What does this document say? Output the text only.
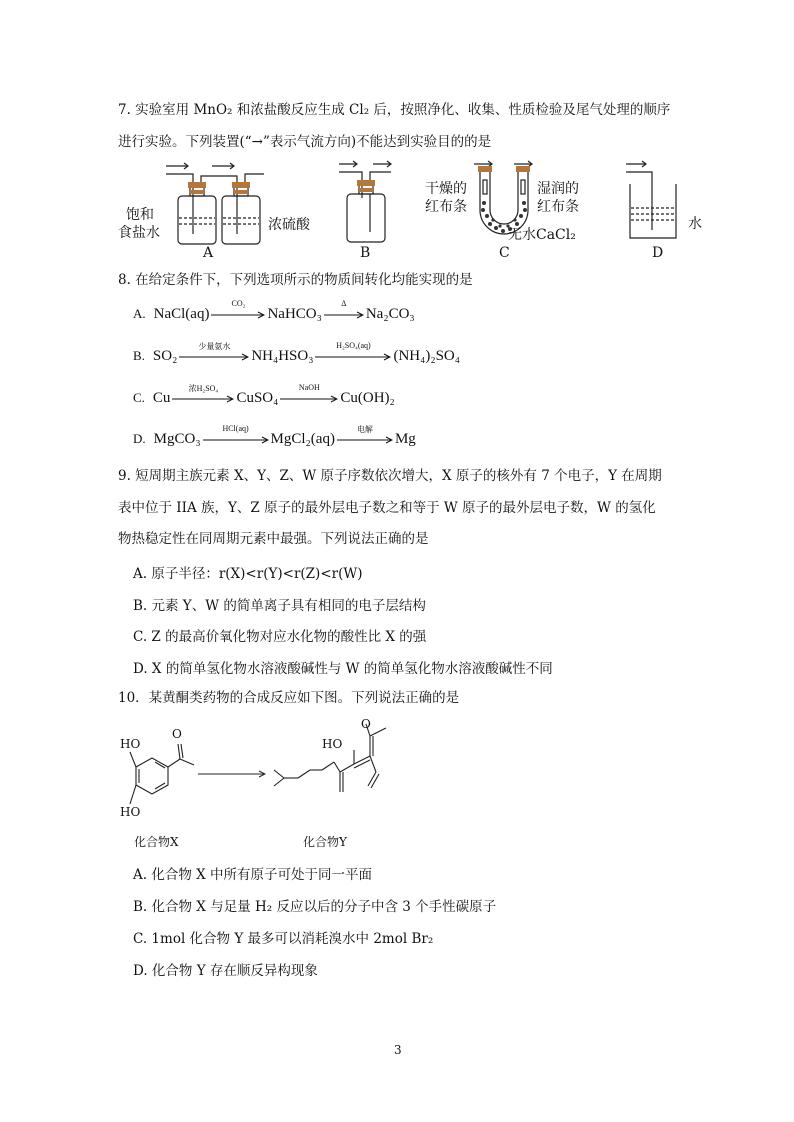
7. 实验室用 MnO₂ 和浓盐酸反应生成 Cl₂ 后，按照净化、收集、性质检验及尾气处理的顺序
进行实验。下列装置(“→”表示气流方向)不能达到实验目的的是
饱和
食盐水	浓硫酸
A	B
干燥的
红布条
湿润的
红布条
无水CaCl₂
C
水
D
8. 在给定条件下，下列选项所示的物质间转化均能实现的是
A. NaCl(aq)
CO₂
NaHCO₃
Δ
Na₂CO₃
B. SO₂
少量氨水
NH₄HSO₃
H₂SO₄(aq)
(NH₄)₂SO₄
C. Cu
浓H₂SO₄
CuSO₄
NaOH
Cu(OH)₂
D. MgCO₃
HCl(aq)
MgCl₂(aq)
电解
Mg
9. 短周期主族元素 X、Y、Z、W 原子序数依次增大，X 原子的核外有 7 个电子，Y 在周期
表中位于 IIA 族，Y、Z 原子的最外层电子数之和等于 W 原子的最外层电子数，W 的氢化
物热稳定性在同周期元素中最强。下列说法正确的是
A. 原子半径：r(X)<r(Y)<r(Z)<r(W)
B. 元素 Y、W 的简单离子具有相同的电子层结构
C. Z 的最高价氧化物对应水化物的酸性比 X 的强
D. X 的简单氢化物水溶液酸碱性与 W 的简单氢化物水溶液酸碱性不同
10．某黄酮类药物的合成反应如下图。下列说法正确的是
HO
O
HO
化合物X
HO
O
化合物Y
A. 化合物 X 中所有原子可处于同一平面
B. 化合物 X 与足量 H₂ 反应以后的分子中含 3 个手性碳原子
C. 1mol 化合物 Y 最多可以消耗溴水中 2mol Br₂
D. 化合物 Y 存在顺反异构现象
3
